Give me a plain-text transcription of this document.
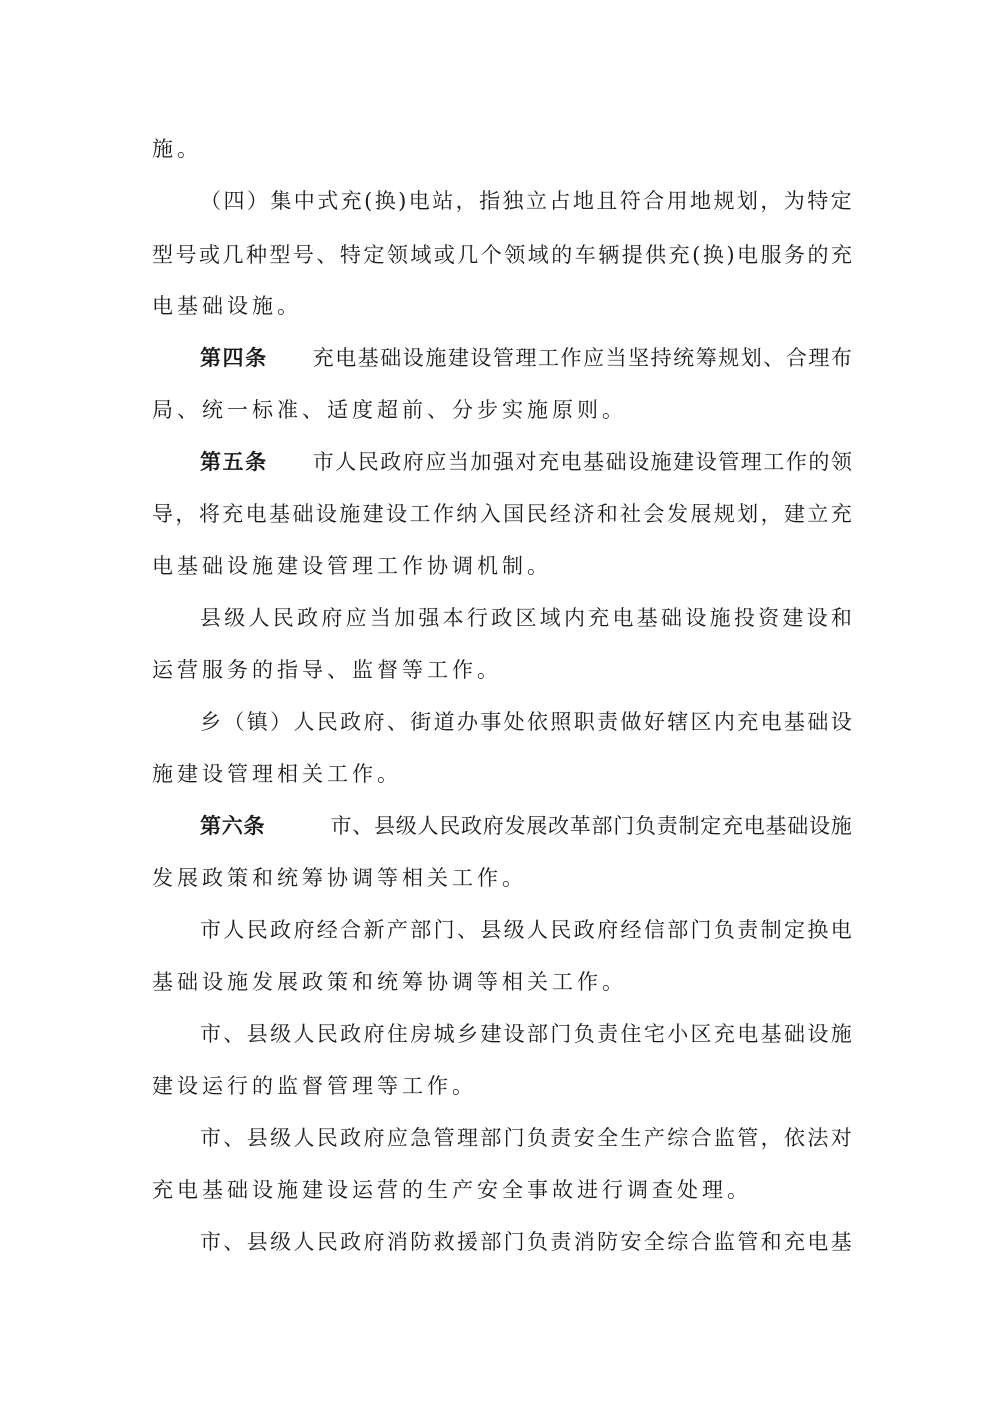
施。
（ 四 ） 集 中 式 充 ( 换 ) 电 站 ， 指 独 立 占 地 且 符 合 用 地 规 划 ， 为 特 定
型 号 或 几 种 型 号 、 特 定 领 域 或 几 个 领 域 的 车 辆 提 供 充 ( 换 ) 电 服 务 的 充
电基础设施。
第 四 条

  充 电 基 础 设 施 建 设 管 理 工 作 应 当 坚 持 统 筹 规 划 、 合 理 布
局、统一标准、适度超前、分步实施原则。
第 五 条

  市 人 民 政 府 应 当 加 强 对 充 电 基 础 设 施 建 设 管 理 工 作 的 领
导 ， 将 充 电 基 础 设 施 建 设 工 作 纳 入 国 民 经 济 和 社 会 发 展 规 划 ， 建 立 充
电基础设施建设管理工作协调机制。
县 级 人 民 政 府 应 当 加 强 本 行 政 区 域 内 充 电 基 础 设 施 投 资 建 设 和
运营服务的指导、监督等工作。
乡 （ 镇 ） 人 民 政 府 、 街 道 办 事 处 依 照 职 责 做 好 辖 区 内 充 电 基 础 设
施建设管理相关工作。
第 六 条

 	市 、 县 级 人 民 政 府 发 展 改 革 部 门 负 责 制 定 充 电 基 础 设 施
发展政策和统筹协调等相关工作。
市 人 民 政 府 经 合 新 产 部 门 、 县 级 人 民 政 府 经 信 部 门 负 责 制 定 换 电
基础设施发展政策和统筹协调等相关工作。
市 、 县 级 人 民 政 府 住 房 城 乡 建 设 部 门 负 责 住 宅 小 区 充 电 基 础 设 施
建设运行的监督管理等工作。
市 、 县 级 人 民 政 府 应 急 管 理 部 门 负 责 安 全 生 产 综 合 监 管 ， 依 法 对
充电基础设施建设运营的生产安全事故进行调查处理。
市 、 县 级 人 民 政 府 消 防 救 援 部 门 负 责 消 防 安 全 综 合 监 管 和 充 电 基
